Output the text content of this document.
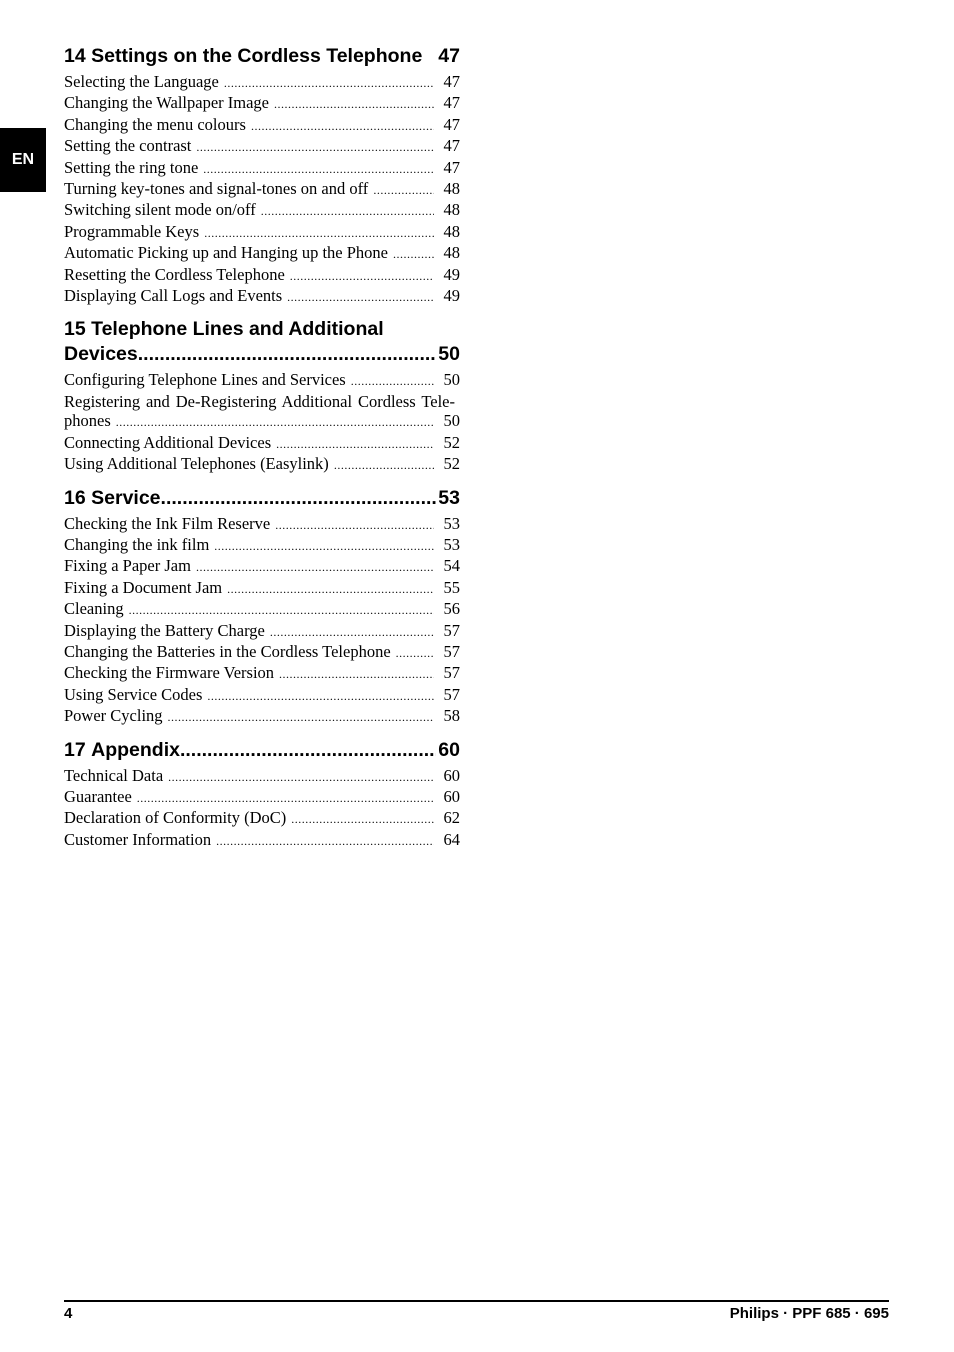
EN
14
Settings on the Cordless Telephone 47
Selecting the Language .....	47
Changing the Wallpaper Image .....	47
Changing the menu colours .....	47
Setting the contrast .....	47
Setting the ring tone .....	47
Turning key-tones and signal-tones on and off .....	48
Switching silent mode on/off .....	48
Programmable Keys .....	48
Automatic Picking up and Hanging up the Phone .....	48
Resetting the Cordless Telephone .....	49
Displaying Call Logs and Events .....	49
15 Telephone Lines and Additional
Devices .....	50
Configuring Telephone Lines and Services .....	50
Registering and De-Registering Additional Cordless Tele-
phones .....	50
Connecting Additional Devices .....	52
Using Additional Telephones (Easylink) .....	52
16
Service .....	53
Checking the Ink Film Reserve .....	53
Changing the ink film .....	53
Fixing a Paper Jam .....	54
Fixing a Document Jam .....	55
Cleaning .....	56
Displaying the Battery Charge .....	57
Changing the Batteries in the Cordless Telephone .....	57
Checking the Firmware Version .....	57
Using Service Codes .....	57
Power Cycling .....	58
17
Appendix .....	60
Technical Data .....	60
Guarantee .....	60
Declaration of Conformity (DoC) .....	62
Customer Information .....	64
4	Philips · PPF 685 · 695
